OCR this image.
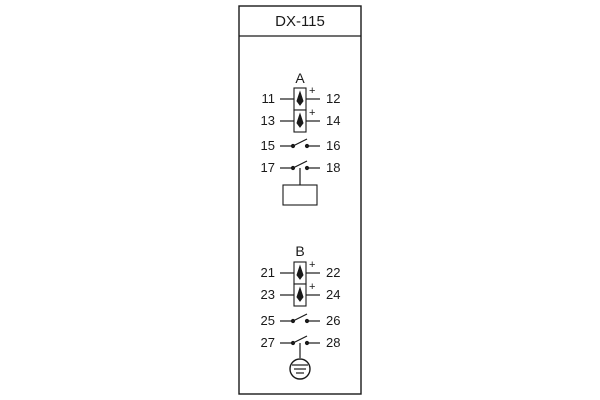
DX-115
A
11	12
+
13	14
+
15	16
17	18
B
21	22
+
23	24
+
25	26
27	28
